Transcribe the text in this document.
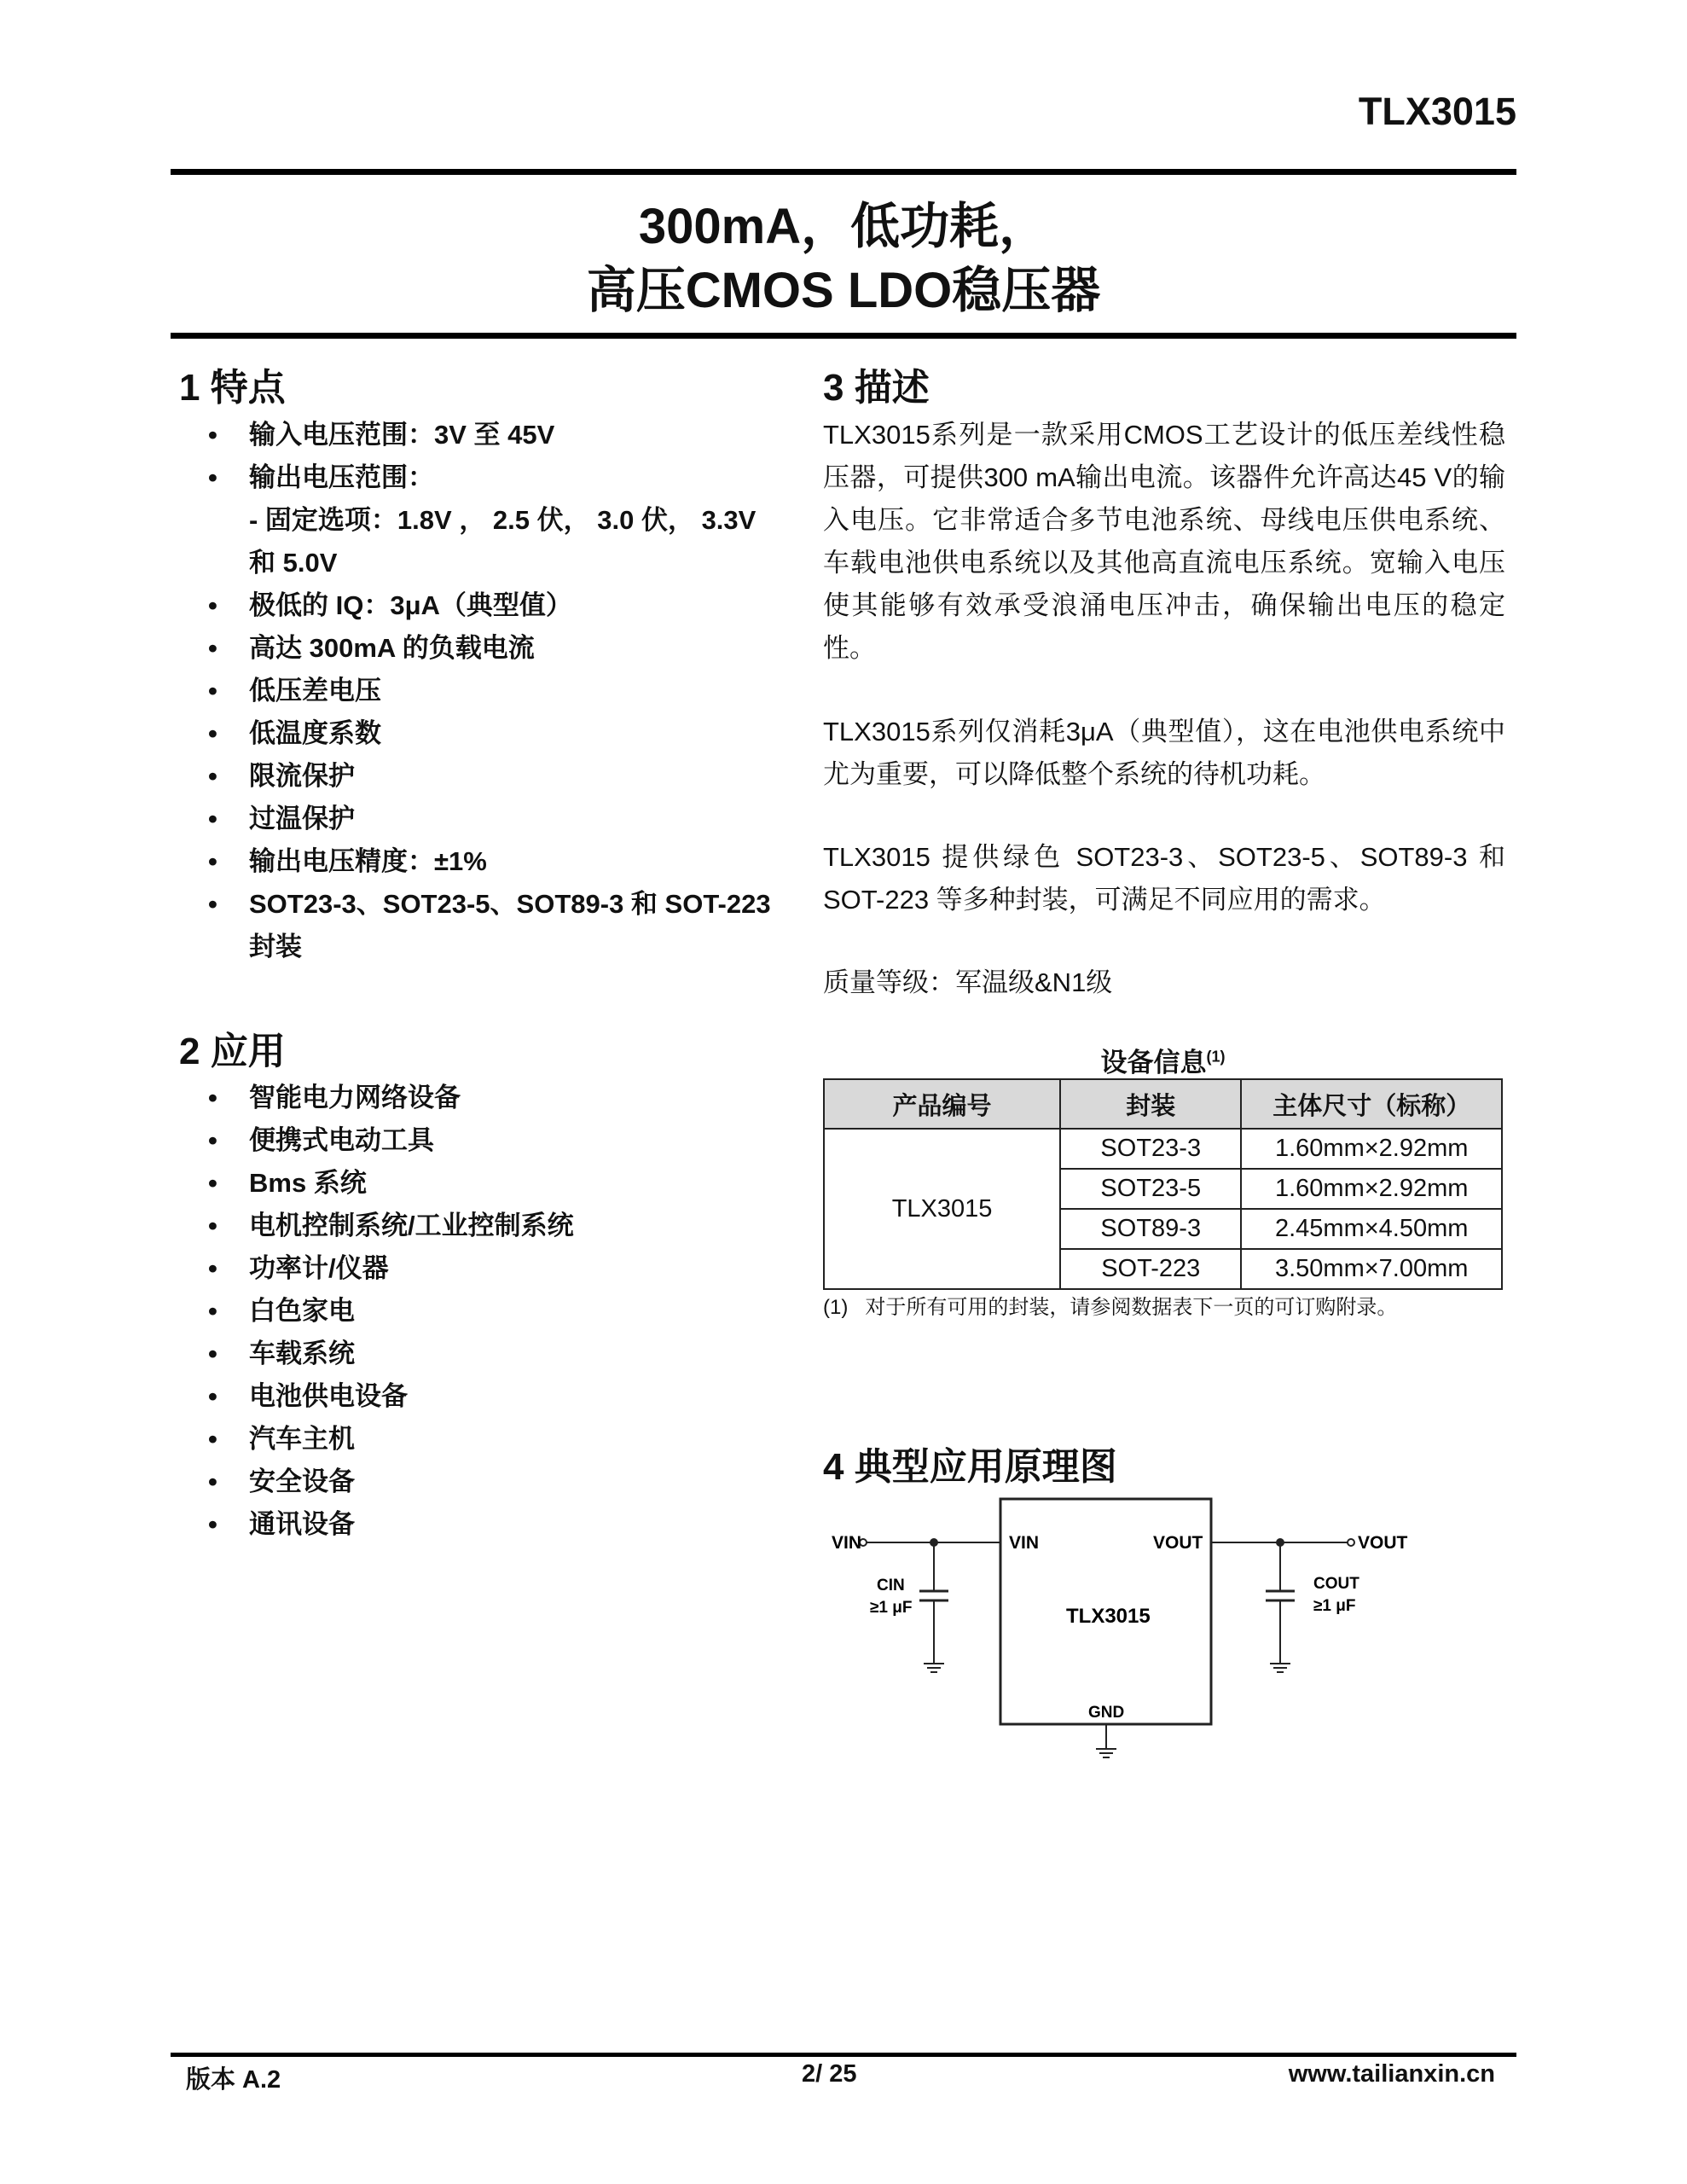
TLX3015
300mA，低功耗，
高压CMOS LDO稳压器
1 特点
• 输入电压范围：3V 至 45V
• 输出电压范围：
- 固定选项：1.8V ， 2.5 伏， 3.0 伏， 3.3V
和 5.0V
• 极低的 IQ：3μA（典型值）
• 高达 300mA 的负载电流
• 低压差电压
• 低温度系数
• 限流保护
• 过温保护
• 输出电压精度：±1%
• SOT23-3、SOT23-5、SOT89-3 和 SOT-223
封装
2 应用
• 智能电力网络设备
• 便携式电动工具
• Bms 系统
• 电机控制系统/工业控制系统
• 功率计/仪器
• 白色家电
• 车载系统
• 电池供电设备
• 汽车主机
• 安全设备
• 通讯设备
3 描述
TLX3015系列是一款采用CMOS工艺设计的低压差线性稳压器，可提供300 mA输出电流。该器件允许高达45 V的输入电压。它非常适合多节电池系统、母线电压供电系统、车载电池供电系统以及其他高直流电压系统。宽输入电压使其能够有效承受浪涌电压冲击，确保输出电压的稳定性。
TLX3015系列仅消耗3μA（典型值），这在电池供电系统中尤为重要，可以降低整个系统的待机功耗。
TLX3015 提供绿色 SOT23-3、SOT23-5、SOT89-3 和 SOT-223 等多种封装，可满足不同应用的需求。
质量等级：军温级&N1级
设备信息$^{(1)}$
产品编号	封装	主体尺寸（标称）
TLX3015	SOT23-3	1.60mm×2.92mm
	SOT23-5	1.60mm×2.92mm
	SOT89-3	2.45mm×4.50mm
	SOT-223	3.50mm×7.00mm
(1) 对于所有可用的封装，请参阅数据表下一页的可订购附录。
4 典型应用原理图
VIN	VIN	VOUT	VOUT
TLX3015
GND
CIN
≥1 μF
COUT
≥1 μF
版本 A.2	2/ 25	www.tailianxin.cn
